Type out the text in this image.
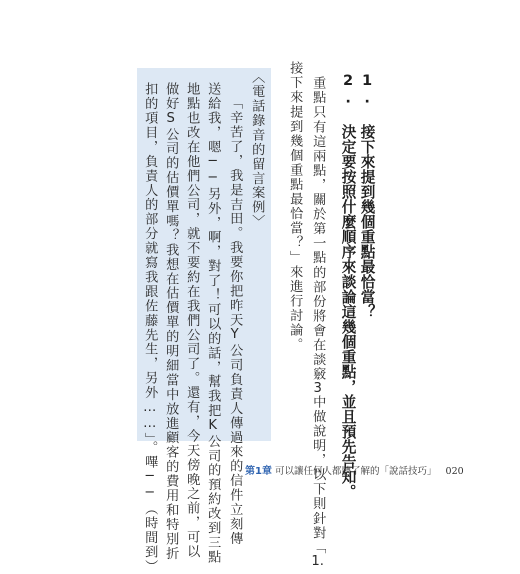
1. 接下來提到幾個重點最恰當？
2. 決定要按照什麼順序來談論這幾個重點，並且預先告知。
重點只有這兩點，關於第一點的部份將會在談竅3中做說明，以下則針對「1.
接下來提到幾個重點最恰當？」來進行討論。
〈電話錄音的留言案例〉
「辛苦了，我是吉田。我要你把昨天Y公司負責人傳過來的信件立刻傳
送給我，嗯──另外，啊，對了！可以的話，幫我把K公司的預約改到三點
地點也改在他們公司，就不要約在我們公司了。還有，今天傍晚之前，可以
做好S公司的估價單嗎？我想在估價單的明細當中放進顧客的費用和特別折
扣的項目，負責人的部分就寫我跟佐藤先生，另外……」。嗶──（時間到）	第1章 可以讓任何人都聽了解的「說話技巧」 020
